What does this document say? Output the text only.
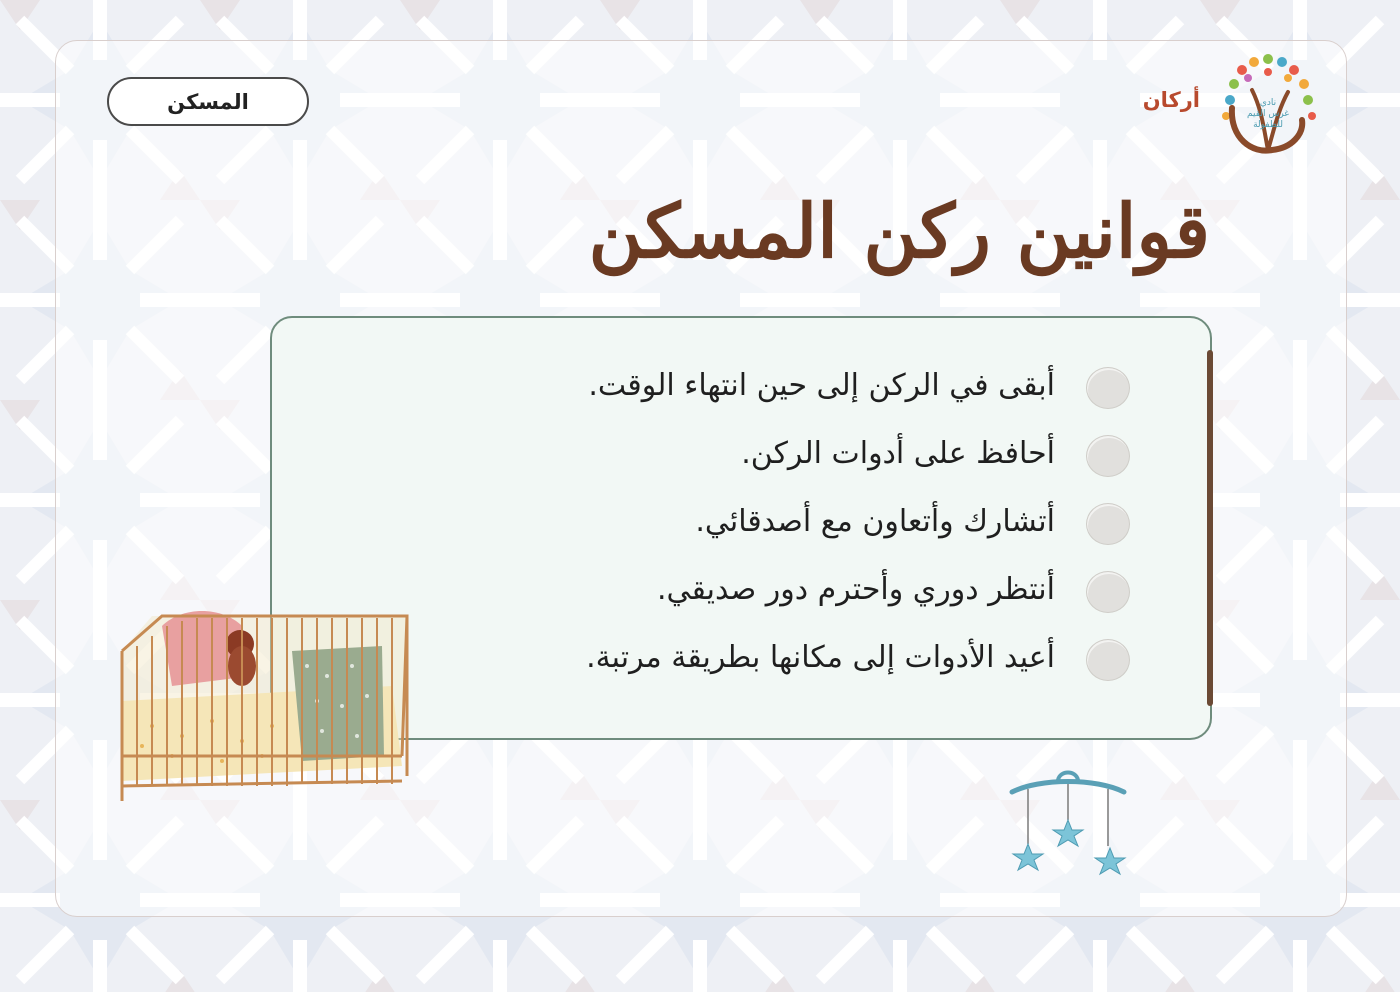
المسكن	أركان	نادي
غرس القيم
للطفولة
قوانين ركن المسكن
أبقى في الركن إلى حين انتهاء الوقت.
أحافظ على أدوات الركن.
أتشارك وأتعاون مع أصدقائي.
أنتظر دوري وأحترم دور صديقي.
أعيد الأدوات إلى مكانها بطريقة مرتبة.
